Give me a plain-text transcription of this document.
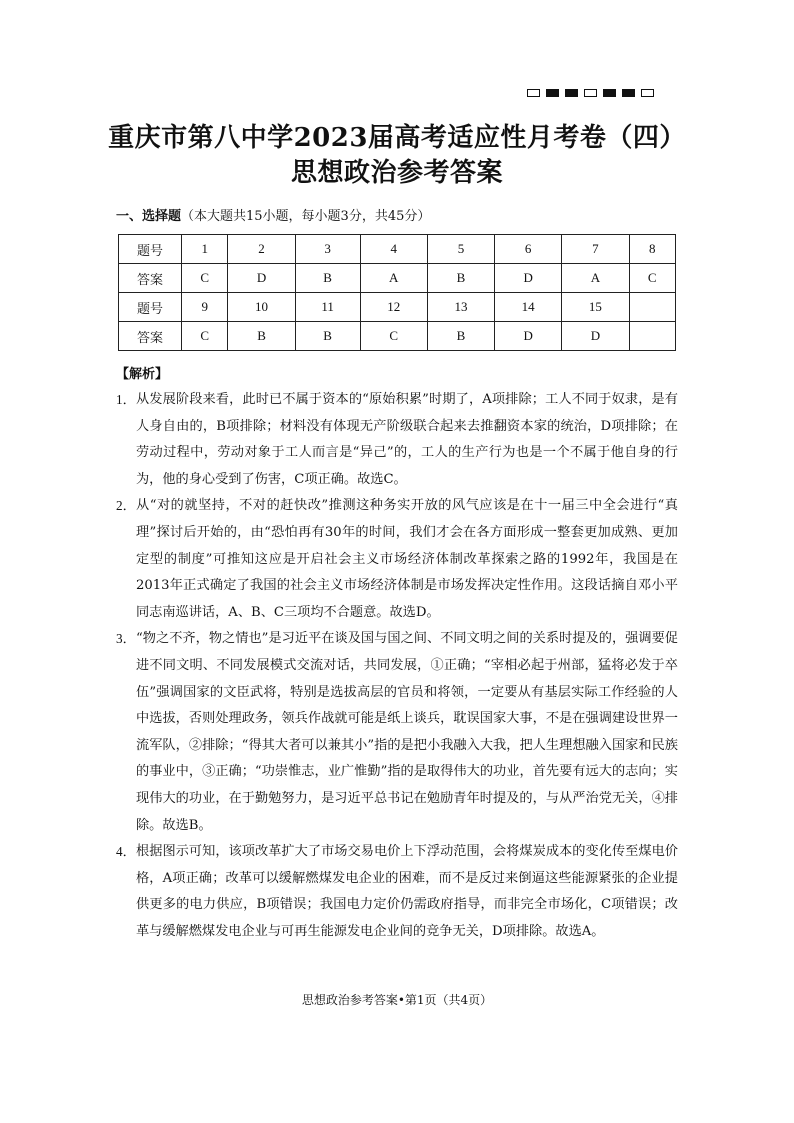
重庆市第八中学2023届高考适应性月考卷（四）
思想政治参考答案
一、选择题（本大题共15小题，每小题3分，共45分）
题号	1	2	3	4	5	6	7	8
答案	C	D	B	A	B	D	A	C
题号	9	10	11	12	13	14	15	
答案	C	B	B	C	B	D	D	
【解析】

1． 从发展阶段来看，此时已不属于资本的“原始积累”时期了，A项排除；工人不同于奴隶，是有人身自由的，B项排除；材料没有体现无产阶级联合起来去推翻资本家的统治，D项排除；在劳动过程中，劳动对象于工人而言是“异己”的，工人的生产行为也是一个不属于他自身的行为，他的身心受到了伤害，C项正确。故选C。

2． 从“对的就坚持，不对的赶快改”推测这种务实开放的风气应该是在十一届三中全会进行“真理”探讨后开始的，由“恐怕再有30年的时间，我们才会在各方面形成一整套更加成熟、更加定型的制度”可推知这应是开启社会主义市场经济体制改革探索之路的1992年，我国是在2013年正式确定了我国的社会主义市场经济体制是市场发挥决定性作用。这段话摘自邓小平同志南巡讲话，A、B、C三项均不合题意。故选D。

3． “物之不齐，物之情也”是习近平在谈及国与国之间、不同文明之间的关系时提及的，强调要促进不同文明、不同发展模式交流对话，共同发展，①正确；“宰相必起于州部，猛将必发于卒伍”强调国家的文臣武将，特别是选拔高层的官员和将领，一定要从有基层实际工作经验的人中选拔，否则处理政务，领兵作战就可能是纸上谈兵，耽误国家大事，不是在强调建设世界一流军队，②排除；“得其大者可以兼其小”指的是把小我融入大我，把人生理想融入国家和民族的事业中，③正确；“功崇惟志，业广惟勤”指的是取得伟大的功业，首先要有远大的志向；实现伟大的功业，在于勤勉努力，是习近平总书记在勉励青年时提及的，与从严治党无关，④排除。故选B。

4． 根据图示可知，该项改革扩大了市场交易电价上下浮动范围，会将煤炭成本的变化传至煤电价格，A项正确；改革可以缓解燃煤发电企业的困难，而不是反过来倒逼这些能源紧张的企业提供更多的电力供应，B项错误；我国电力定价仍需政府指导，而非完全市场化，C项错误；改革与缓解燃煤发电企业与可再生能源发电企业间的竞争无关，D项排除。故选A。

思想政治参考答案•第1页（共4页）
